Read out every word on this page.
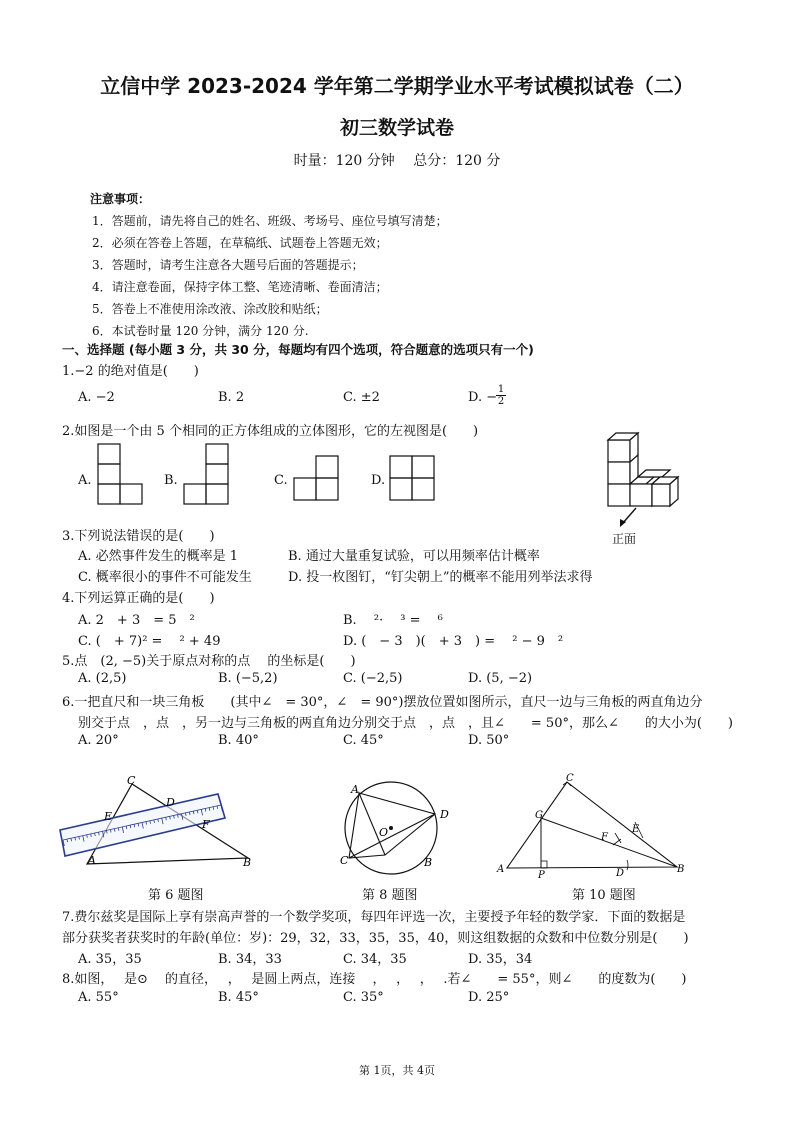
立信中学 2023-2024 学年第二学期学业水平考试模拟试卷（二）
初三数学试卷
时量：120 分钟　 总分：120 分
注意事项：
1．答题前，请先将自己的姓名、班级、考场号、座位号填写清楚；
2．必须在答卷上答题，在草稿纸、试题卷上答题无效；
3．答题时，请考生注意各大题号后面的答题提示；
4．请注意卷面，保持字体工整、笔迹清晰、卷面清洁；
5．答卷上不准使用涂改液、涂改胶和贴纸；
6．本试卷时量 120 分钟，满分 120 分.
一、选择题 (每小题 3 分，共 30 分，每题均有四个选项，符合题意的选项只有一个)
1.−2 的绝对值是(　　)
A. −2	B. 2	C. ±2	D. −
$\frac{1}{2}$
2.如图是一个由 5 个相同的正方体组成的立体图形，它的左视图是(　　)
A.	B.	C.	D.
正面
3.下列说法错误的是(　　)
A. 必然事件发生的概率是 1	B. 通过大量重复试验，可以用频率估计概率
C. 概率很小的事件不可能发生	D. 投一枚图钉，“钉尖朝上”的概率不能用列举法求得
4.下列运算正确的是(　　)
A. 2　+ 3　= 5　²	B. 　²· 　³ = 　⁶
C. (　+ 7)² = 　² + 49	D. (　− 3　)(　+ 3　) = 　² − 9　²
5.点　(2, −5)关于原点对称的点　 的坐标是(　　)
A. (2,5)	B. (−5,2)	C. (−2,5)	D. (5, −2)
6.一把直尺和一块三角板　　(其中∠　= 30°，∠　= 90°)摆放位置如图所示，直尺一边与三角板的两直角边分
别交于点　，点　，另一边与三角板的两直角边分别交于点　，点　，且∠　　= 50°，那么∠　　的大小为(　　)
A. 20°	B. 40°	C. 45°	D. 50°
C
D
E
F
A	B
第 6 题图
A
D
O
C	B
第 8 题图
C
G
F
E
A
P	D	B
第 10 题图
7.费尔兹奖是国际上享有崇高声誉的一个数学奖项，每四年评选一次，主要授予年轻的数学家．下面的数据是
部分获奖者获奖时的年龄(单位：岁)：29，32，33，35，35，40，则这组数据的众数和中位数分别是(　　)
A. 35，35	B. 34，33	C. 34，35	D. 35，34
8.如图，　 是⊙　 的直径，　 ，　 是圆上两点，连接　 ，　 ，　 ，　 .若∠　　= 55°，则∠　　的度数为(　　)
A. 55°	B. 45°	C. 35°	D. 25°
第 1页，共 4页
